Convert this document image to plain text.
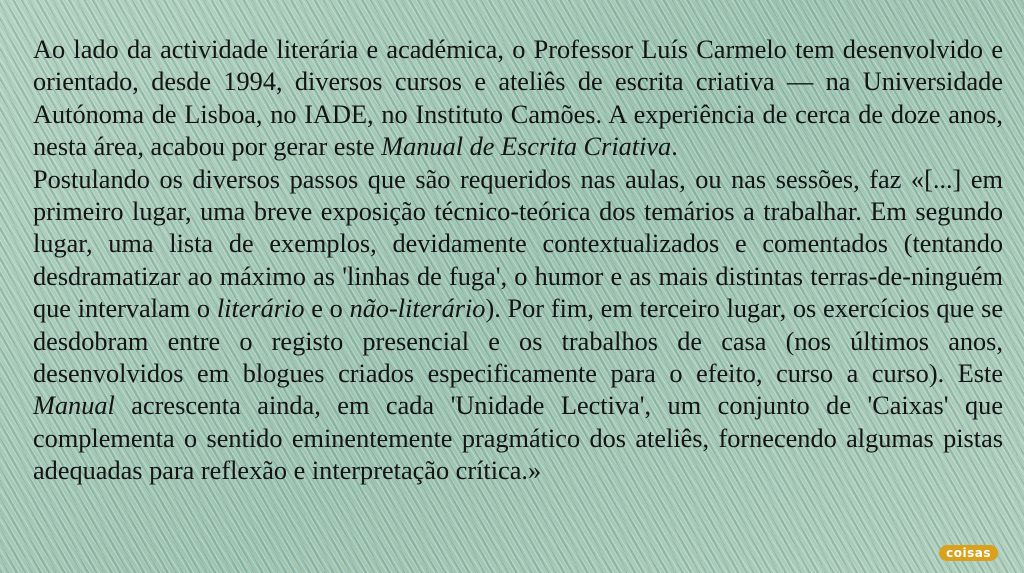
Ao lado da actividade literária e académica, o Professor Luís Carmelo tem desenvolvido e orientado, desde 1994, diversos cursos e ateliês de escrita criativa — na Universidade Autónoma de Lisboa, no IADE, no Instituto Camões. A experiência de cerca de doze anos, nesta área, acabou por gerar este Manual de Escrita Criativa.

Postulando os diversos passos que são requeridos nas aulas, ou nas sessões, faz «[...] em primeiro lugar, uma breve exposição técnico-teórica dos temários a trabalhar. Em segundo lugar, uma lista de exemplos, devidamente contextualizados e comentados (tentando desdramatizar ao máximo as 'linhas de fuga', o humor e as mais distintas terras-de-ninguém que intervalam o literário e o não-literário). Por fim, em terceiro lugar, os exercícios que se desdobram entre o registo presencial e os trabalhos de casa (nos últimos anos, desenvolvidos em blogues criados especificamente para o efeito, curso a curso). Este Manual acrescenta ainda, em cada 'Unidade Lectiva', um conjunto de 'Caixas' que complementa o sentido eminentemente pragmático dos ateliês, fornecendo algumas pistas adequadas para reflexão e interpretação crítica.»

coisas
